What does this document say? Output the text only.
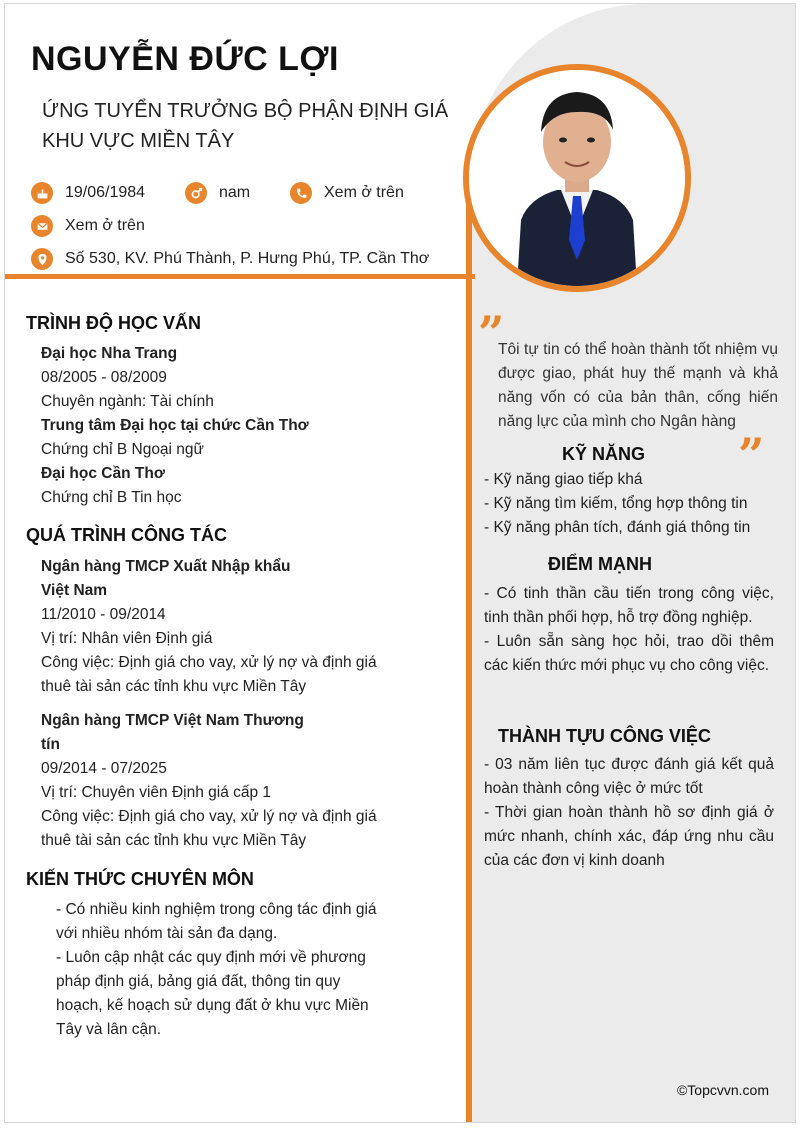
NGUYỄN ĐỨC LỢI
ỨNG TUYỂN TRƯỞNG BỘ PHẬN ĐỊNH GIÁ KHU VỰC MIỀN TÂY
19/06/1984	nam	Xem ở trên
Xem ở trên
Số 530, KV. Phú Thành, P. Hưng Phú, TP. Cần Thơ
TRÌNH ĐỘ HỌC VẤN

Đại học Nha Trang

08/2005 - 08/2009

Chuyên ngành: Tài chính

Trung tâm Đại học tại chức Cần Thơ

Chứng chỉ B Ngoại ngữ

Đại học Cần Thơ

Chứng chỉ B Tin học

QUÁ TRÌNH CÔNG TÁC

Ngân hàng TMCP Xuất Nhập khẩu

Việt Nam

11/2010 - 09/2014

Vị trí: Nhân viên Định giá

Công việc: Định giá cho vay, xử lý nợ và định giá

thuê tài sản các tỉnh khu vực Miền Tây

Ngân hàng TMCP Việt Nam Thương

tín

09/2014 - 07/2025

Vị trí: Chuyên viên Định giá cấp 1

Công việc: Định giá cho vay, xử lý nợ và định giá

thuê tài sản các tỉnh khu vực Miền Tây

KIẾN THỨC CHUYÊN MÔN

- Có nhiều kinh nghiệm trong công tác định giá

với nhiều nhóm tài sản đa dạng.

- Luôn cập nhật các quy định mới về phương

pháp định giá, bảng giá đất, thông tin quy

hoạch, kế hoạch sử dụng đất ở khu vực Miền

Tây và lân cận.

”
Tôi tự tin có thể hoàn thành tốt nhiệm vụ được giao, phát huy thế mạnh và khả năng vốn có của bản thân, cống hiến năng lực của mình cho Ngân hàng
”
KỸ NĂNG

- Kỹ năng giao tiếp khá

- Kỹ năng tìm kiếm, tổng hợp thông tin

- Kỹ năng phân tích, đánh giá thông tin

ĐIỂM MẠNH

- Có tinh thần cầu tiến trong công việc, tinh thần phối hợp, hỗ trợ đồng nghiệp.

- Luôn sẵn sàng học hỏi, trao dồi thêm các kiến thức mới phục vụ cho công việc.

THÀNH TỰU CÔNG VIỆC

- 03 năm liên tục được đánh giá kết quả hoàn thành công việc ở mức tốt

- Thời gian hoàn thành hồ sơ định giá ở mức nhanh, chính xác, đáp ứng nhu cầu của các đơn vị kinh doanh

©Topcvvn.com
